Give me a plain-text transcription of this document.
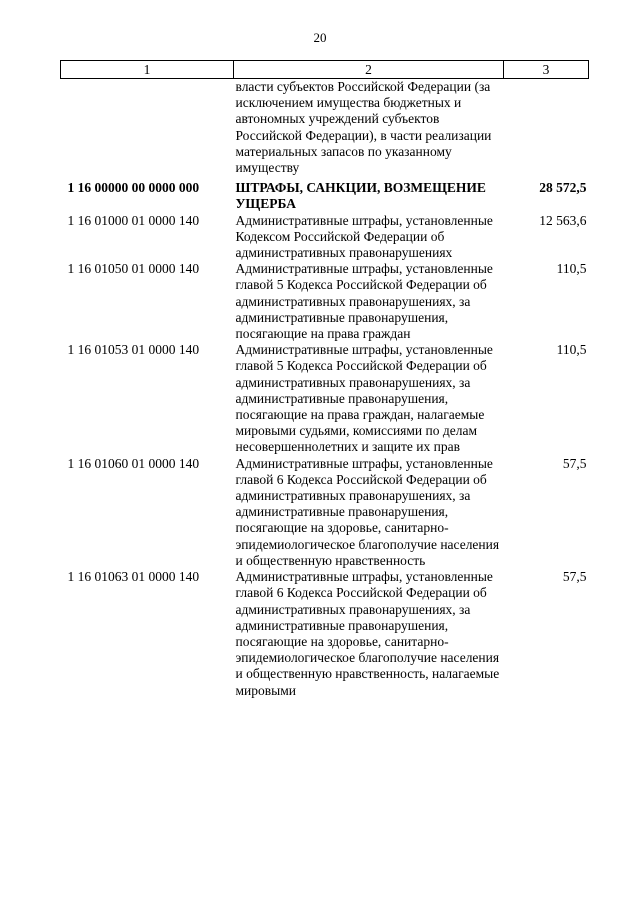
20
1	2	3
	власти субъектов Российской Федерации (за исключением имущества бюджетных и автономных учреждений субъектов Российской Федерации), в части реализации материальных запасов по указанному имуществу	
1 16 00000 00 0000 000	ШТРАФЫ, САНКЦИИ, ВОЗМЕЩЕНИЕ УЩЕРБА	28 572,5
1 16 01000 01 0000 140	Административные штрафы, установленные Кодексом Российской Федерации об административных правонарушениях	12 563,6
1 16 01050 01 0000 140	Административные штрафы, установленные главой 5 Кодекса Российской Федерации об административных правонарушениях, за административные правонарушения, посягающие на права граждан	110,5
1 16 01053 01 0000 140	Административные штрафы, установленные главой 5 Кодекса Российской Федерации об административных правонарушениях, за административные правонарушения, посягающие на права граждан, налагаемые мировыми судьями, комиссиями по делам несовершеннолетних и защите их прав	110,5
1 16 01060 01 0000 140	Административные штрафы, установленные главой 6 Кодекса Российской Федерации об административных правонарушениях, за административные правонарушения, посягающие на здоровье, санитарно-эпидемиологическое благополучие населения и общественную нравственность	57,5
1 16 01063 01 0000 140	Административные штрафы, установленные главой 6 Кодекса Российской Федерации об административных правонарушениях, за административные правонарушения, посягающие на здоровье, санитарно-эпидемиологическое благополучие населения и общественную нравственность, налагаемые мировыми	57,5
